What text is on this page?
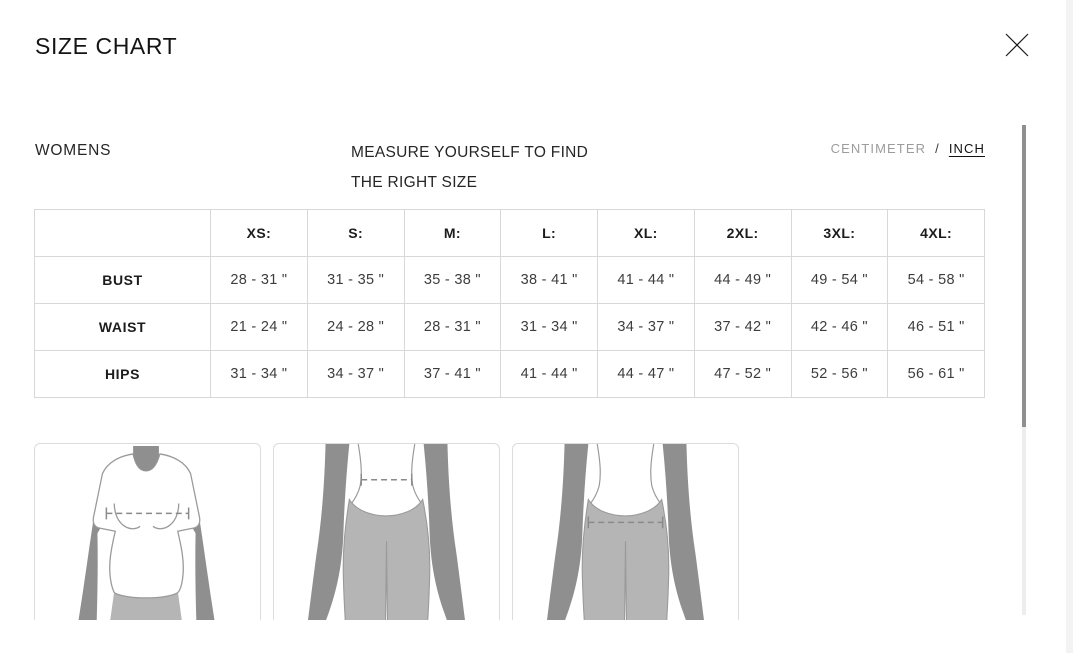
SIZE CHART
WOMENS	MEASURE YOURSELF TO FIND THE RIGHT SIZE
CENTIMETER / INCH
	XS:	S:	M:	L:	XL:	2XL:	3XL:	4XL:
BUST	28 - 31 "	31 - 35 "	35 - 38 "	38 - 41 "	41 - 44 "	44 - 49 "	49 - 54 "	54 - 58 "
WAIST	21 - 24 "	24 - 28 "	28 - 31 "	31 - 34 "	34 - 37 "	37 - 42 "	42 - 46 "	46 - 51 "
HIPS	31 - 34 "	34 - 37 "	37 - 41 "	41 - 44 "	44 - 47 "	47 - 52 "	52 - 56 "	56 - 61 "
